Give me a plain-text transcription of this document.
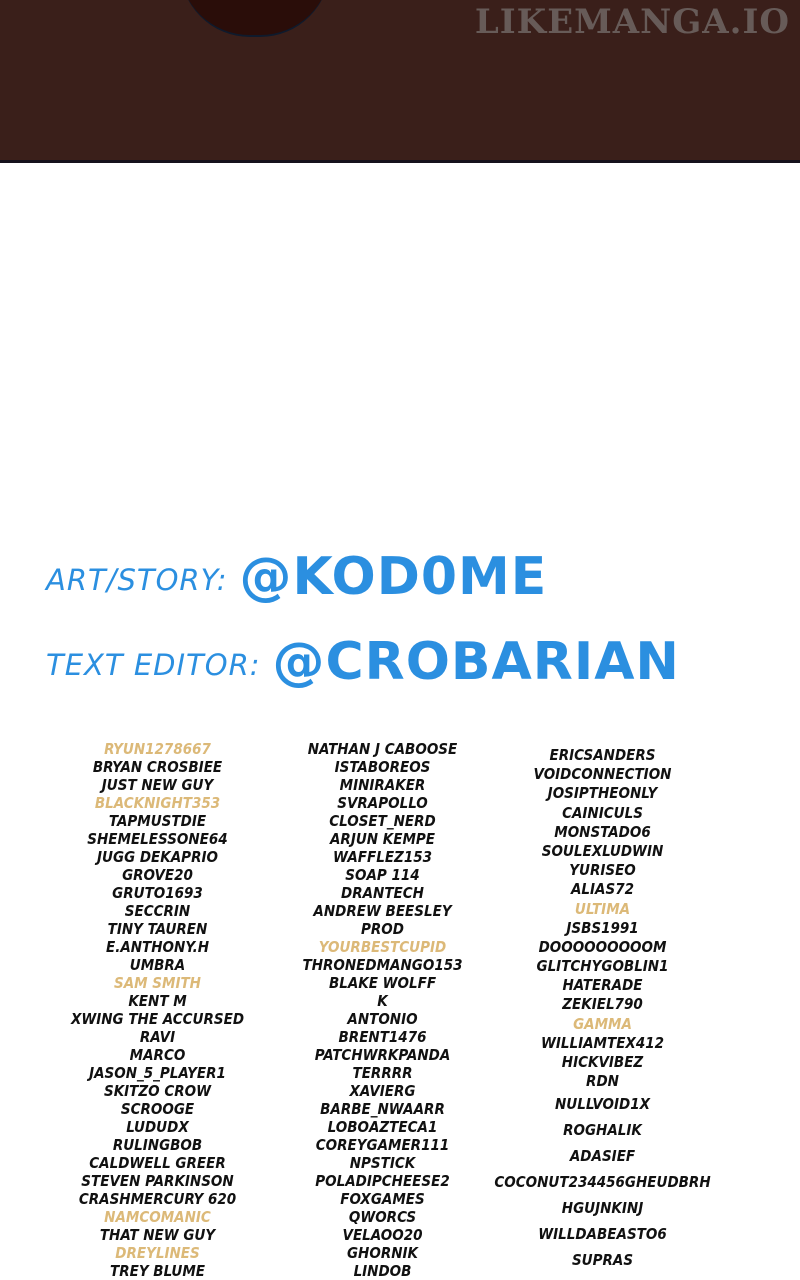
LIKEMANGA.IO
ART/STORY: @KOD0ME
TEXT EDITOR: @CROBARIAN
RYUN1278667
BRYAN CROSBIEE
JUST NEW GUY
BLACKNIGHT353
TAPMUSTDIE
SHEMELESSONE64
JUGG DEKAPRIO
GROVE20
GRUTO1693
SECCRIN
TINY TAUREN
E.ANTHONY.H
UMBRA
SAM SMITH
KENT M
XWING THE ACCURSED
RAVI
MARCO
JASON_5_PLAYER1
SKITZO CROW
SCROOGE
LUDUDX
RULINGBOB
CALDWELL GREER
STEVEN PARKINSON
CRASHMERCURY 620
NAMCOMANIC
THAT NEW GUY
DREYLINES
TREY BLUME
NATHAN J CABOOSE
ISTABOREOS
MINIRAKER
SVRAPOLLO
CLOSET_NERD
ARJUN KEMPE
WAFFLEZ153
SOAP 114
DRANTECH
ANDREW BEESLEY
PROD
YOURBESTCUPID
THRONEDMANGO153
BLAKE WOLFF
K
ANTONIO
BRENT1476
PATCHWRKPANDA
TERRRR
XAVIERG
BARBE_NWAARR
LOBOAZTECA1
COREYGAMER111
NPSTICK
POLADIPCHEESE2
FOXGAMES
QWORCS
VELAOO20
GHORNIK
LINDOB
ERICSANDERS
VOIDCONNECTION
JOSIPTHEONLY
CAINICULS
MONSTADO6
SOULEXLUDWIN
YURISEO
ALIAS72
ULTIMA
JSBS1991
DOOOOOOOOOM
GLITCHYGOBLIN1
HATERADE
ZEKIEL790
GAMMA
WILLIAMTEX412
HICKVIBEZ
RDN
NULLVOID1X
ROGHALIK
ADASIEF
COCONUT234456GHEUDBRH
HGUJNKINJ
WILLDABEASTO6
SUPRAS
